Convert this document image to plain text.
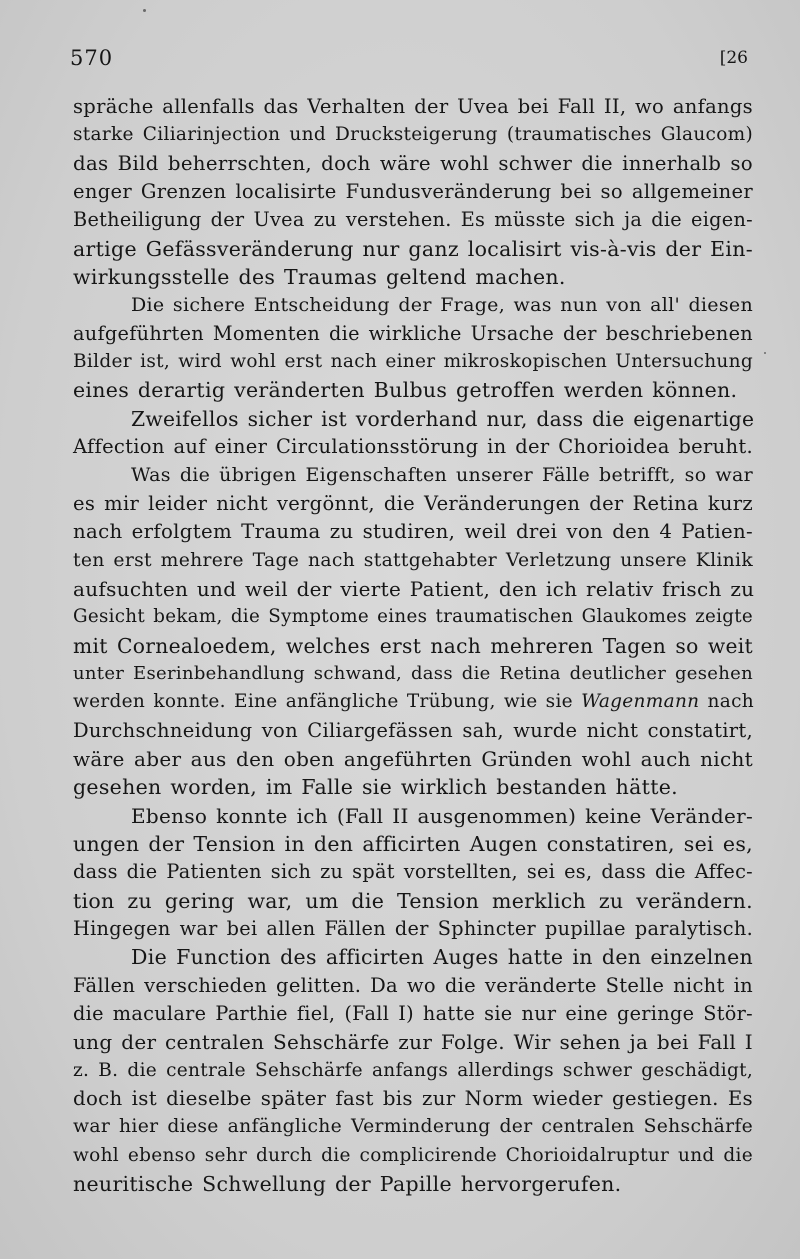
570	[26

spräche allenfalls das Verhalten der Uvea bei Fall II, wo anfangs
starke Ciliarinjection und Drucksteigerung (traumatisches Glaucom)
das Bild beherrschten, doch wäre wohl schwer die innerhalb so
enger Grenzen localisirte Fundusveränderung bei so allgemeiner
Betheiligung der Uvea zu verstehen. Es müsste sich ja die eigen-
artige Gefässveränderung nur ganz localisirt vis-à-vis der Ein-
wirkungsstelle des Traumas geltend machen.

Die sichere Entscheidung der Frage, was nun von all' diesen
aufgeführten Momenten die wirkliche Ursache der beschriebenen
Bilder ist, wird wohl erst nach einer mikroskopischen Untersuchung
eines derartig veränderten Bulbus getroffen werden können.

Zweifellos sicher ist vorderhand nur, dass die eigenartige
Affection auf einer Circulationsstörung in der Chorioidea beruht.

Was die übrigen Eigenschaften unserer Fälle betrifft, so war
es mir leider nicht vergönnt, die Veränderungen der Retina kurz
nach erfolgtem Trauma zu studiren, weil drei von den 4 Patien-
ten erst mehrere Tage nach stattgehabter Verletzung unsere Klinik
aufsuchten und weil der vierte Patient, den ich relativ frisch zu
Gesicht bekam, die Symptome eines traumatischen Glaukomes zeigte
mit Cornealoedem, welches erst nach mehreren Tagen so weit
unter Eserinbehandlung schwand, dass die Retina deutlicher gesehen
werden konnte. Eine anfängliche Trübung, wie sie Wagenmann nach
Durchschneidung von Ciliargefässen sah, wurde nicht constatirt,
wäre aber aus den oben angeführten Gründen wohl auch nicht
gesehen worden, im Falle sie wirklich bestanden hätte.

Ebenso konnte ich (Fall II ausgenommen) keine Veränder-
ungen der Tension in den afficirten Augen constatiren, sei es,
dass die Patienten sich zu spät vorstellten, sei es, dass die Affec-
tion zu gering war, um die Tension merklich zu verändern.
Hingegen war bei allen Fällen der Sphincter pupillae paralytisch.

Die Function des afficirten Auges hatte in den einzelnen
Fällen verschieden gelitten. Da wo die veränderte Stelle nicht in
die maculare Parthie fiel, (Fall I) hatte sie nur eine geringe Stör-
ung der centralen Sehschärfe zur Folge. Wir sehen ja bei Fall I
z. B. die centrale Sehschärfe anfangs allerdings schwer geschädigt,
doch ist dieselbe später fast bis zur Norm wieder gestiegen. Es
war hier diese anfängliche Verminderung der centralen Sehschärfe
wohl ebenso sehr durch die complicirende Chorioidalruptur und die
neuritische Schwellung der Papille hervorgerufen.
